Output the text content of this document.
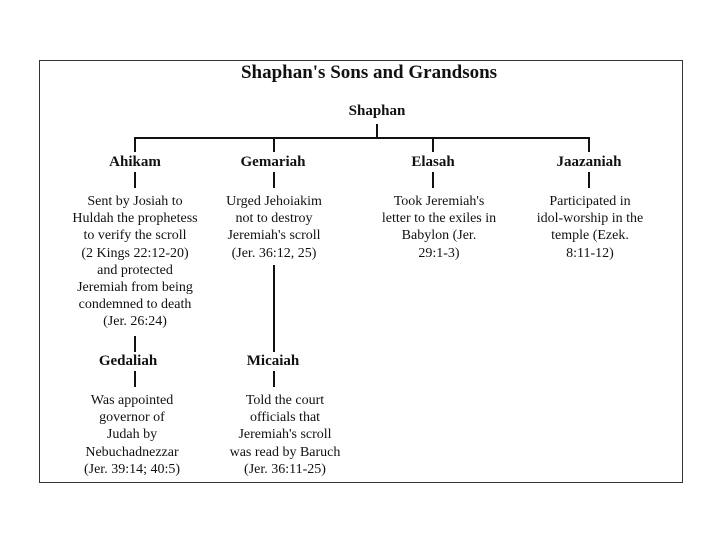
Shaphan's Sons and Grandsons
Shaphan
Ahikam	Gemariah	Elasah	Jaazaniah
Sent by Josiah to
Huldah the prophetess
to verify the scroll
(2 Kings 22:12-20)
and protected
Jeremiah from being
condemned to death
(Jer. 26:24)
Urged Jehoiakim
not to destroy
Jeremiah's scroll
(Jer. 36:12, 25)
Took Jeremiah's
letter to the exiles in
Babylon (Jer.
29:1-3)
Participated in
idol-worship in the
temple (Ezek.
8:11-12)
Gedaliah	Micaiah
Was appointed
governor of
Judah by
Nebuchadnezzar
(Jer. 39:14; 40:5)
Told the court
officials that
Jeremiah's scroll
was read by Baruch
(Jer. 36:11-25)
